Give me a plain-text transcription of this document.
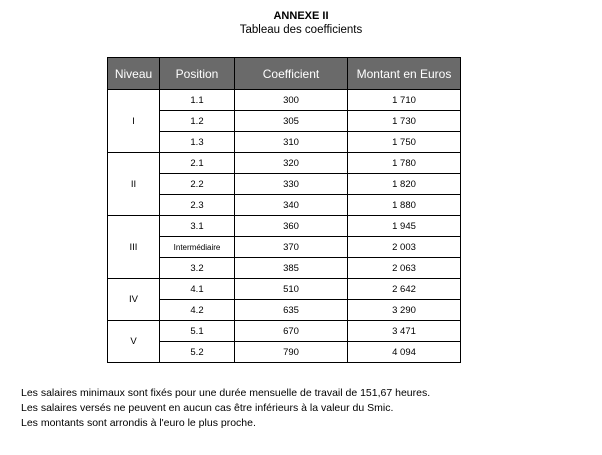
ANNEXE II
Tableau des coefficients
Niveau	Position	Coefficient	Montant en Euros
I	1.1	300	1 710
	1.2	305	1 730
	1.3	310	1 750
II	2.1	320	1 780
	2.2	330	1 820
	2.3	340	1 880
III	3.1	360	1 945
	Intermédiaire	370	2 003
	3.2	385	2 063
IV	4.1	510	2 642
	4.2	635	3 290
V	5.1	670	3 471
	5.2	790	4 094
Les salaires minimaux sont fixés pour une durée mensuelle de travail de 151,67 heures.
Les salaires versés ne peuvent en aucun cas être inférieurs à la valeur du Smic.
Les montants sont arrondis à l'euro le plus proche.
